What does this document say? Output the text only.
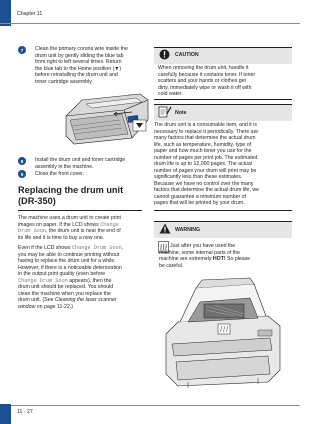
Chapter 11
7	Clean the primary corona wire inside the
drum unit by gently sliding the blue tab
from right to left several times. Return
the blue tab to the Home position (▼)
before reinstalling the drum unit and
toner cartridge assembly.
8	Install the drum unit and toner cartridge
assembly in the machine.
9	Close the front cover.
Replacing the drum unit
(DR-350)
The machine uses a drum unit to create print
images on paper. If the LCD shows Change
Drum Soon, the drum unit is near the end of
its life and it is time to buy a new one.
Even if the LCD shows Change Drum Soon,
you may be able to continue printing without
having to replace the drum unit for a while.
However, if there is a noticeable deterioration
in the output print quality (even before
Change Drum Soon appears), then the
drum unit should be replaced. You should
clean the machine when you replace the
drum unit. (See Cleaning the laser scanner
window on page 11-22.)
CAUTION
When removing the drum unit, handle it
carefully because it contains toner. If toner
scatters and your hands or clothes get
dirty, immediately wipe or wash it off with
cold water.
Note
The drum unit is a consumable item, and it is
necessary to replace it periodically. There are
many factors that determine the actual drum
life, such as temperature, humidity, type of
paper and how much toner you use for the
number of pages per print job. The estimated
drum life is up to 12,000 pages. The actual
number of pages your drum will print may be
significantly less than these estimates.
Because we have no control over the many
factors that determine the actual drum life, we
cannot guarantee a minimum number of
pages that will be printed by your drum.
WARNING
Just after you have used the
machine, some internal parts of the
machine are extremely HOT! So please
be careful.
11 - 27
